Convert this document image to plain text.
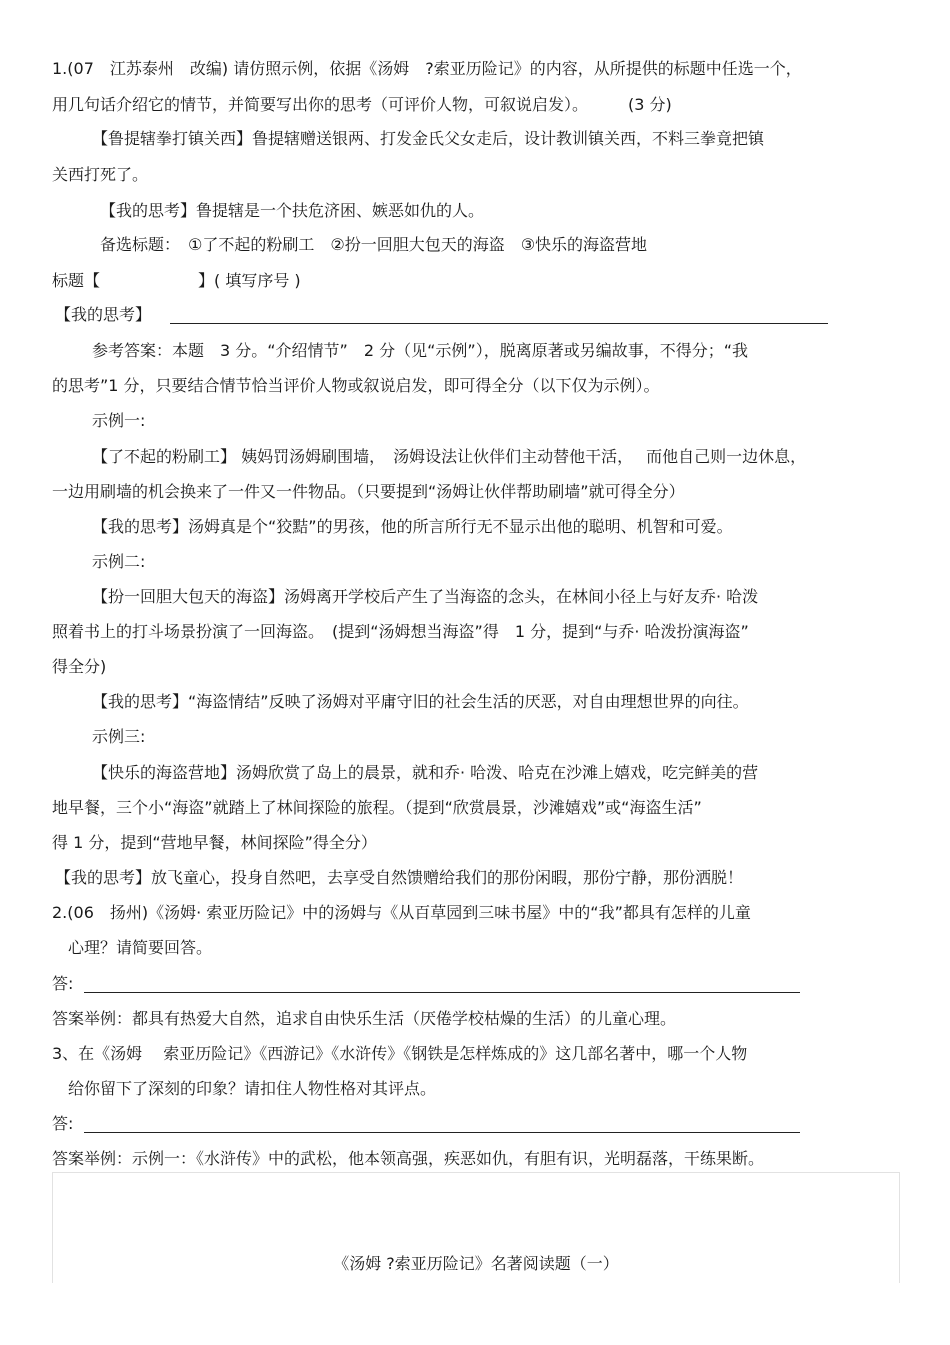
1.(07　江苏泰州　改编) 请仿照示例，依据《汤姆　?索亚历险记》的内容，从所提供的标题中任选一个，
用几句话介绍它的情节，并简要写出你的思考（可评价人物，可叙说启发）。　　　(3 分)
【鲁提辖拳打镇关西】鲁提辖赠送银两、打发金氏父女走后，设计教训镇关西，不料三拳竟把镇
关西打死了。
【我的思考】鲁提辖是一个扶危济困、嫉恶如仇的人。
备选标题：　①了不起的粉刷工　②扮一回胆大包天的海盗　③快乐的海盗营地
标题【	】( 填写序号 )
【我的思考】
参考答案：本题　3 分。“介绍情节”　2 分（见“示例”），脱离原著或另编故事，不得分；“我
的思考”1 分，只要结合情节恰当评价人物或叙说启发，即可得全分（以下仅为示例）。
示例一:
【了不起的粉刷工】 姨妈罚汤姆刷围墙，　汤姆设法让伙伴们主动替他干活，　 而他自己则一边休息，
一边用刷墙的机会换来了一件又一件物品。（只要提到“汤姆让伙伴帮助刷墙”就可得全分）
【我的思考】汤姆真是个“狡黠”的男孩，他的所言所行无不显示出他的聪明、机智和可爱。
示例二:
【扮一回胆大包天的海盗】汤姆离开学校后产生了当海盗的念头，在林间小径上与好友乔· 哈泼
照着书上的打斗场景扮演了一回海盗。　(提到“汤姆想当海盗”得　1 分，提到“与乔· 哈泼扮演海盗”
得全分)
【我的思考】“海盗情结”反映了汤姆对平庸守旧的社会生活的厌恶，对自由理想世界的向往。
示例三:
【快乐的海盗营地】汤姆欣赏了岛上的晨景，就和乔· 哈泼、哈克在沙滩上嬉戏，吃完鲜美的营
地早餐，三个小“海盗”就踏上了林间探险的旅程。（提到“欣赏晨景，沙滩嬉戏”或“海盗生活”
得 1 分，提到“营地早餐，林间探险”得全分）
【我的思考】放飞童心，投身自然吧，去享受自然馈赠给我们的那份闲暇，那份宁静，那份洒脱！
2.(06　扬州)《汤姆· 索亚历险记》中的汤姆与《从百草园到三味书屋》中的“我”都具有怎样的儿童
心理？请简要回答。
答:
答案举例：都具有热爱大自然，追求自由快乐生活（厌倦学校枯燥的生活）的儿童心理。
3、在《汤姆　 索亚历险记》《西游记》《水浒传》《钢铁是怎样炼成的》这几部名著中，哪一个人物
给你留下了深刻的印象？请扣住人物性格对其评点。
答:
答案举例：示例一：《水浒传》中的武松，他本领高强，疾恶如仇，有胆有识，光明磊落，干练果断。
《汤姆 ?索亚历险记》名著阅读题（一）
